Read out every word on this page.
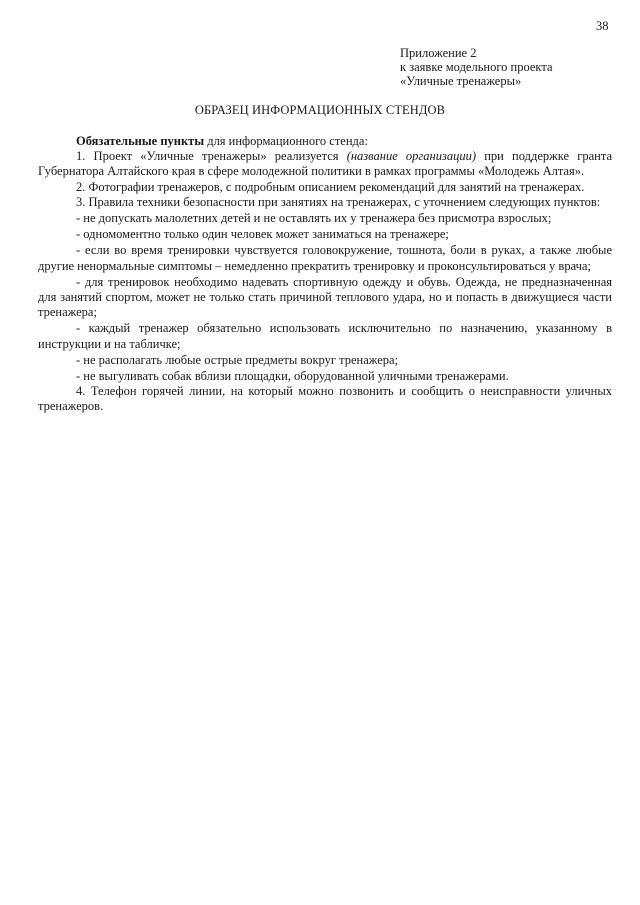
38
Приложение 2
к заявке модельного проекта
«Уличные тренажеры»
ОБРАЗЕЦ ИНФОРМАЦИОННЫХ СТЕНДОВ

Обязательные пункты для информационного стенда:

1. Проект «Уличные тренажеры» реализуется (название организации) при поддержке гранта Губернатора Алтайского края в сфере молодежной политики в рамках программы «Молодежь Алтая».

2. Фотографии тренажеров, с подробным описанием рекомендаций для занятий на тренажерах.

3. Правила техники безопасности при занятиях на тренажерах, с уточнением следующих пунктов:

- не допускать малолетних детей и не оставлять их у тренажера без присмотра взрослых;

- одномоментно только один человек может заниматься на тренажере;

- если во время тренировки чувствуется головокружение, тошнота, боли в руках, а также любые другие ненормальные симптомы – немедленно прекратить тренировку и проконсультироваться у врача;

- для тренировок необходимо надевать спортивную одежду и обувь. Одежда, не предназначенная для занятий спортом, может не только стать причиной теплового удара, но и попасть в движущиеся части тренажера;

- каждый тренажер обязательно использовать исключительно по назначению, указанному в инструкции и на табличке;

- не располагать любые острые предметы вокруг тренажера;

- не выгуливать собак вблизи площадки, оборудованной уличными тренажерами.

4. Телефон горячей линии, на который можно позвонить и сообщить о неисправности уличных тренажеров.
